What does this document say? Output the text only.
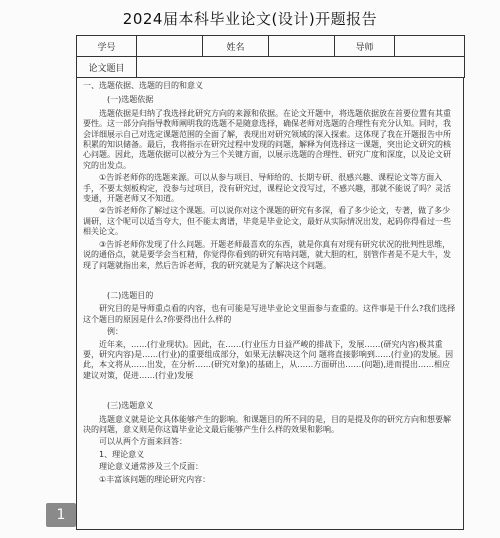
2024届本科毕业论文(设计)开题报告
学号		姓名		导师	
论文题目					
一、选题依据、选题的目的和意义
(一)选题依据

选题依据是归纳了我选择此研究方向的来源和依据。在论文开题中，将选题依据放在首要位置有其重要性。这一部分向指导教师阐明我的选题不是随意选择，确保老师对选题的合理性有充分认知。同时，我会详细展示自己对选定课题范围的全面了解，表现出对研究领域的深入探索。这体现了我在开题报告中所积累的知识储备。最后，我将指示在研究过程中发现的问题，解释为何选择这一课题，突出论文研究的核心问题。因此，选题依据可以被分为三个关键方面，以展示选题的合理性、研究广度和深度，以及论文研究的出发点。

①告诉老师你的选题来源。可以从参与项目、导师给的、长期专研、很感兴趣、课程论文等方面入手，不要太刻板构定，没参与过项目，没有研究过，课程论文没写过，不感兴趣，那就不能说了吗？灵活变通，开题老师又不知道。

②告诉老师你了解过这个课题。可以说你对这个课题的研究有多深，看了多少论文，专著，做了多少调研，这个呢可以适当夸大，但不能太离谱，毕竟是毕业论文，最好从实际情况出发，起码你得看过一些相关论文。

③告诉老师你发现了什么问题。开题老师最喜欢的东西，就是你真有对现有研究状况的批判性思维，说的通俗点，就是要学会当杠精，你觉得你看到的研究有啥问题，就大胆的杠，别管作者是不是大牛，发现了问题就指出来，然后告诉老师，我的研究就是为了解决这个问题。

(二)选题目的

研究目的是导师重点看的内容，也有可能是写进毕业论文里面参与查重的。这件事是干什么?我们选择这个题目的原因是什么?你要得出什么样的

例：

近年来，……(行业现状)。因此，在……(行业压力日益严峻的排战下，发展……(研究内容)极其重要，研究内容)是……(行业)的重要组成部分，如果无法解决这个问 题将直接影响到……(行业)的发展。因此，本文将从……出发，在分析……(研究对象)的基础上，从……方面研出……(问题),进而提出……相应建议对策，促进……(行业)发展

(三)选题意义

选题意义就是论文具体能够产生的影响。和课题目的所不同的是，目的是提及你的研究方向和想要解决的问题，意义则是你这篇毕业论文最后能够产生什么样的效果和影响。

可以从两个方面来回答：

1、理论意义

理论意义通常涉及三个反面：

①丰富该问题的理论研究内容：

1
